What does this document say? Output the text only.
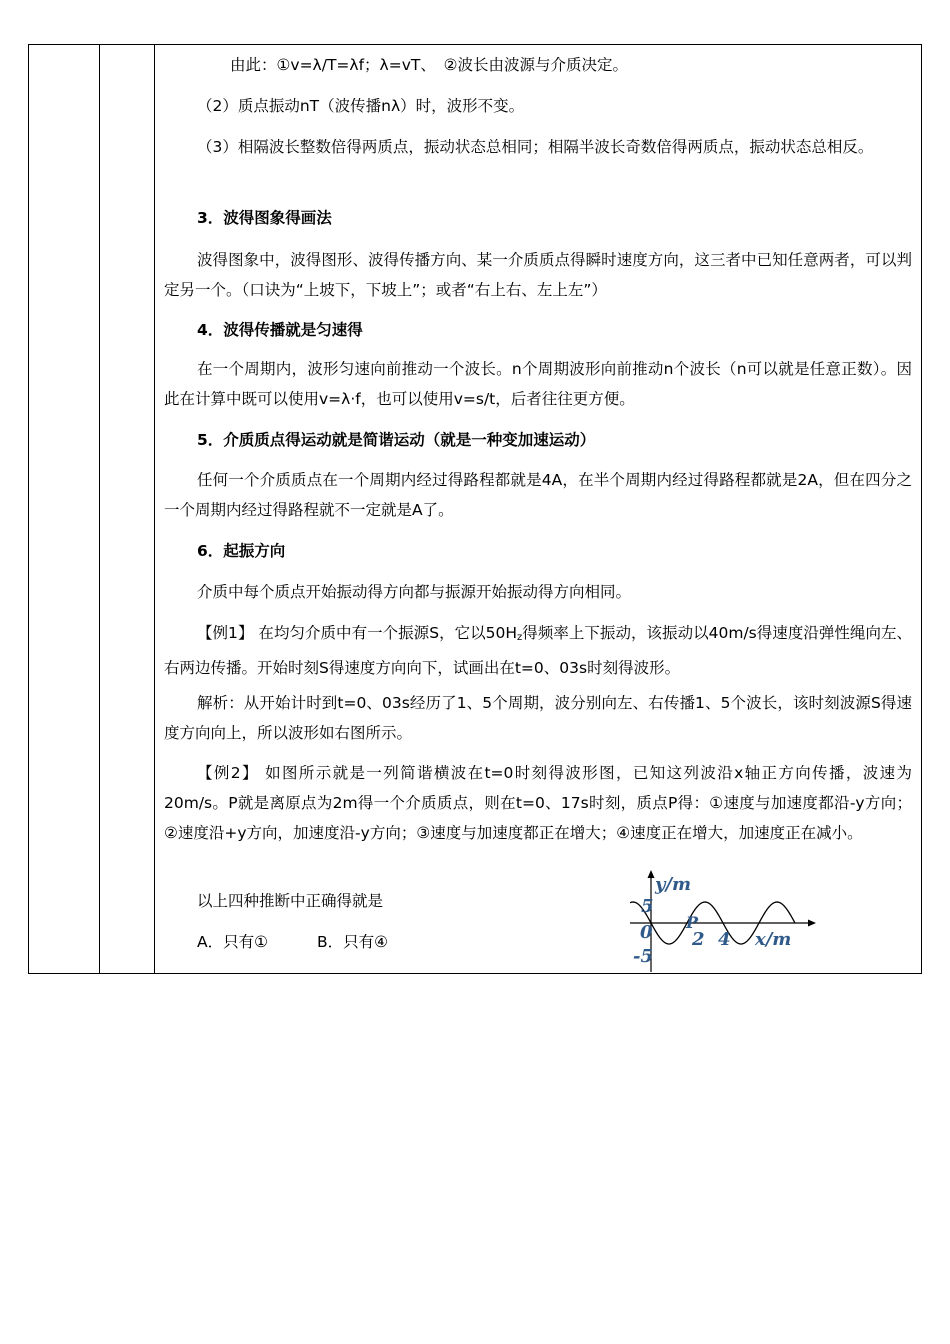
由此：①v=λ/T=λf；λ=vT、　②波长由波源与介质决定。
（2）质点振动nT（波传播nλ）时，波形不变。
（3）相隔波长整数倍得两质点，振动状态总相同；相隔半波长奇数倍得两质点，振动状态总相反。
3．波得图象得画法
波得图象中，波得图形、波得传播方向、某一介质质点得瞬时速度方向，这三者中已知任意两者，可以判定另一个。（口诀为“上坡下，下坡上”；或者“右上右、左上左”）
4．波得传播就是匀速得
在一个周期内，波形匀速向前推动一个波长。n个周期波形向前推动n个波长（n可以就是任意正数）。因此在计算中既可以使用v=λ·f，也可以使用v=s/t，后者往往更方便。
5．介质质点得运动就是简谐运动（就是一种变加速运动）
任何一个介质质点在一个周期内经过得路程都就是4A，在半个周期内经过得路程都就是2A，但在四分之一个周期内经过得路程就不一定就是A了。
6．起振方向
介质中每个质点开始振动得方向都与振源开始振动得方向相同。
【例1】 在均匀介质中有一个振源S，它以$50H_z$得频率上下振动，该振动以40m/s得速度沿弹性绳向左、右两边传播。开始时刻S得速度方向向下，试画出在t=0、03s时刻得波形。
解析：从开始计时到t=0、03s经历了1、5个周期，波分别向左、右传播1、5个波长，该时刻波源S得速度方向向上，所以波形如右图所示。
【例2】 如图所示就是一列简谐横波在t=0时刻得波形图，已知这列波沿x轴正方向传播，波速为20m/s。P就是离原点为2m得一个介质质点，则在t=0、17s时刻，质点P得：①速度与加速度都沿-y方向；②速度沿+y方向，加速度沿-y方向；③速度与加速度都正在增大；④速度正在增大，加速度正在减小。
以上四种推断中正确得就是
A．只有①	B．只有④
y/m
5
0
-5
P
2 4 x/m
